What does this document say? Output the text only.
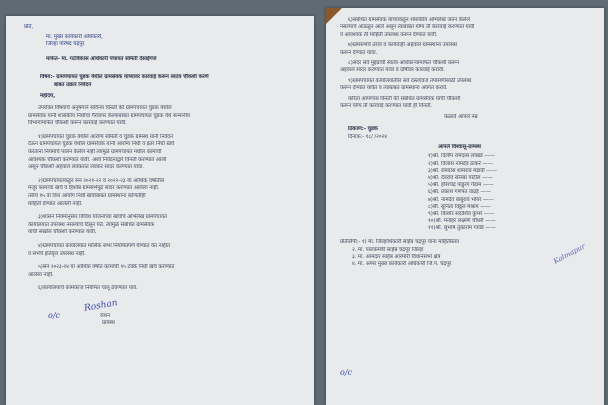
प्रति,
मा. मुख्य कार्यकारी अधिकारी,
जिल्हा परिषद चंद्रपूर
मार्फत- मा. गटविकास अधिकारी पंचायत समिती देसाईगंज
विषय:- ग्रामपंचायत चुडक येथील ग्रामसेवक यांच्यावर कारवाई करून स्वतंत्र चौकशी करणे
बाबत तक्रार निवेदन
महोदय,
उपरोक्त विषयाचे अनुषंगाने सविनय विनंती की ग्रामपंचायत चुडक येथील
ग्रामसेवक यांनी शासकीय निधीचा गैरवापर केल्याबाबत ग्रामपंचायत चुडक येथे सन्मानीय
विभागामार्फत चौकशी करून कारवाई करण्यात यावी.
१)ग्रामपंचायत चुडक येथील आरोग्य समिती व चुडक ग्रामस्थ यांनी निवेदन
देऊन ग्रामपंचायत चुडक येथील ग्रामसेवक यांनी आरोग्य निधी व इतर निधी खर्च
करताना नियमांचे पालन केलेले नाही त्यामुळे ग्रामपंचायत मधील कामांची
आवश्यक चौकशी करण्यात यावी. अशी निवेदनाद्वारे विनंती करण्यात आली
असून चौकशी अहवाल लवकरात लवकर सादर करण्यात यावा.
२)ग्रामपंचायतकडून सन २०२१-२२ व २०२२-२३ या आर्थिक वर्षातील
मंजूर कामांचा खर्च व हिशोब ग्रामसभेपुढे सादर करण्यात आलेला नाही.
तसेच १५ वा वित्त आयोग निधी खर्चाबाबत ग्रामस्थांना कोणतीही
माहिती देण्यात आलेली नाही.
३)शासन नियमानुसार विविध योजनांच्या खर्चाचे अभिलेख ग्रामपंचायत
कार्यालयात उपलब्ध नसल्याचे दिसून येते. त्यामुळे संबंधित ग्रामसेवक
यांची सखोल चौकशी करण्यात यावी.
४)ग्रामपंचायत कार्यालयात मासिक सभा नियमितपणे घेण्यात येत नाहीत
व सभेचे इतिवृत्त उपलब्ध नाही.
५)सन २०२३-२४ या आर्थिक वर्षात कामांची १५ टक्के निधी खर्च करण्यात
आलेला नाही.
६)कार्यालयाचे कामकाज नियमित चालू ठेवण्यात यावे.
Roshan
रोशन
ग्रामस्थ
o/c
६)संबंधित ग्रामसेवक यांच्याकडून शासकीय अभिलेखे जतन केलेले
नसल्याचे आढळून आले असून त्याबाबत योग्य ती कारवाई करण्यात यावी
व आवश्यक ती माहिती उपलब्ध करून देण्यात यावी.
७)ग्रामसभेचे ठराव व कार्यवाही अहवाल ग्रामस्थांना उपलब्ध
करून देण्यात यावा.
८)सदर सर्व मुद्द्यांची स्वतंत्र अधिकाऱ्यामार्फत चौकशी करून
अहवाल सादर करण्यात यावा व दोषींवर कारवाई करावी.
९)ग्रामपंचायत कार्यालयातील सर्व दस्तऐवज तपासणीसाठी उपलब्ध
करून देण्यात यावेत व त्याबाबत ग्रामस्थांना अवगत करावे.
करिता आपणास विनंती की संबंधित ग्रामसेवक यांची चौकशी
करून योग्य ती कारवाई करण्यात यावी ही विनंती.
कळावे आपले नम्र
ठिकाण:- चुडक
दिनांक:- १८/ /२०२४
आपले विश्वासू-ग्रामस्थ
१)श्री. दिलीप रामदास लोखंडे ——
२)श्री. विलास नामदेव ठाकरे ——
३)श्री. रामदास शामराव मडावी ——
४)श्री. देवराव सोनबा पाटील ——
५)श्री. हरिश्चंद्र पांडुरंग गेडाम ——
६)श्री. प्रकाश गणपत वाढई ——
७)श्री. नामदेव बाबुराव भोयर ——
८)सौ. सुनिता विठ्ठल मेश्राम ——
९)श्री. किशोर सदाशिव कुंभरे ——
१०)श्री. मनोहर लक्ष्मण चौधरी ——
११)श्री. सुभाष तुकाराम गावंडे ——
प्रतिलिपी:- १) मा. जिल्हाधिकारी साहेब चंद्रपूर यांना माहितीस्तव
२. मा. पालकमंत्री साहेब चंद्रपूर जिल्हा
३. मा. आमदार साहेब आरमोरी विधानसभा क्षेत्र
४. मा. अप्पर मुख्य कार्यकारी अधिकारी जि.प. चंद्रपूर
o/c
Kalmapur
